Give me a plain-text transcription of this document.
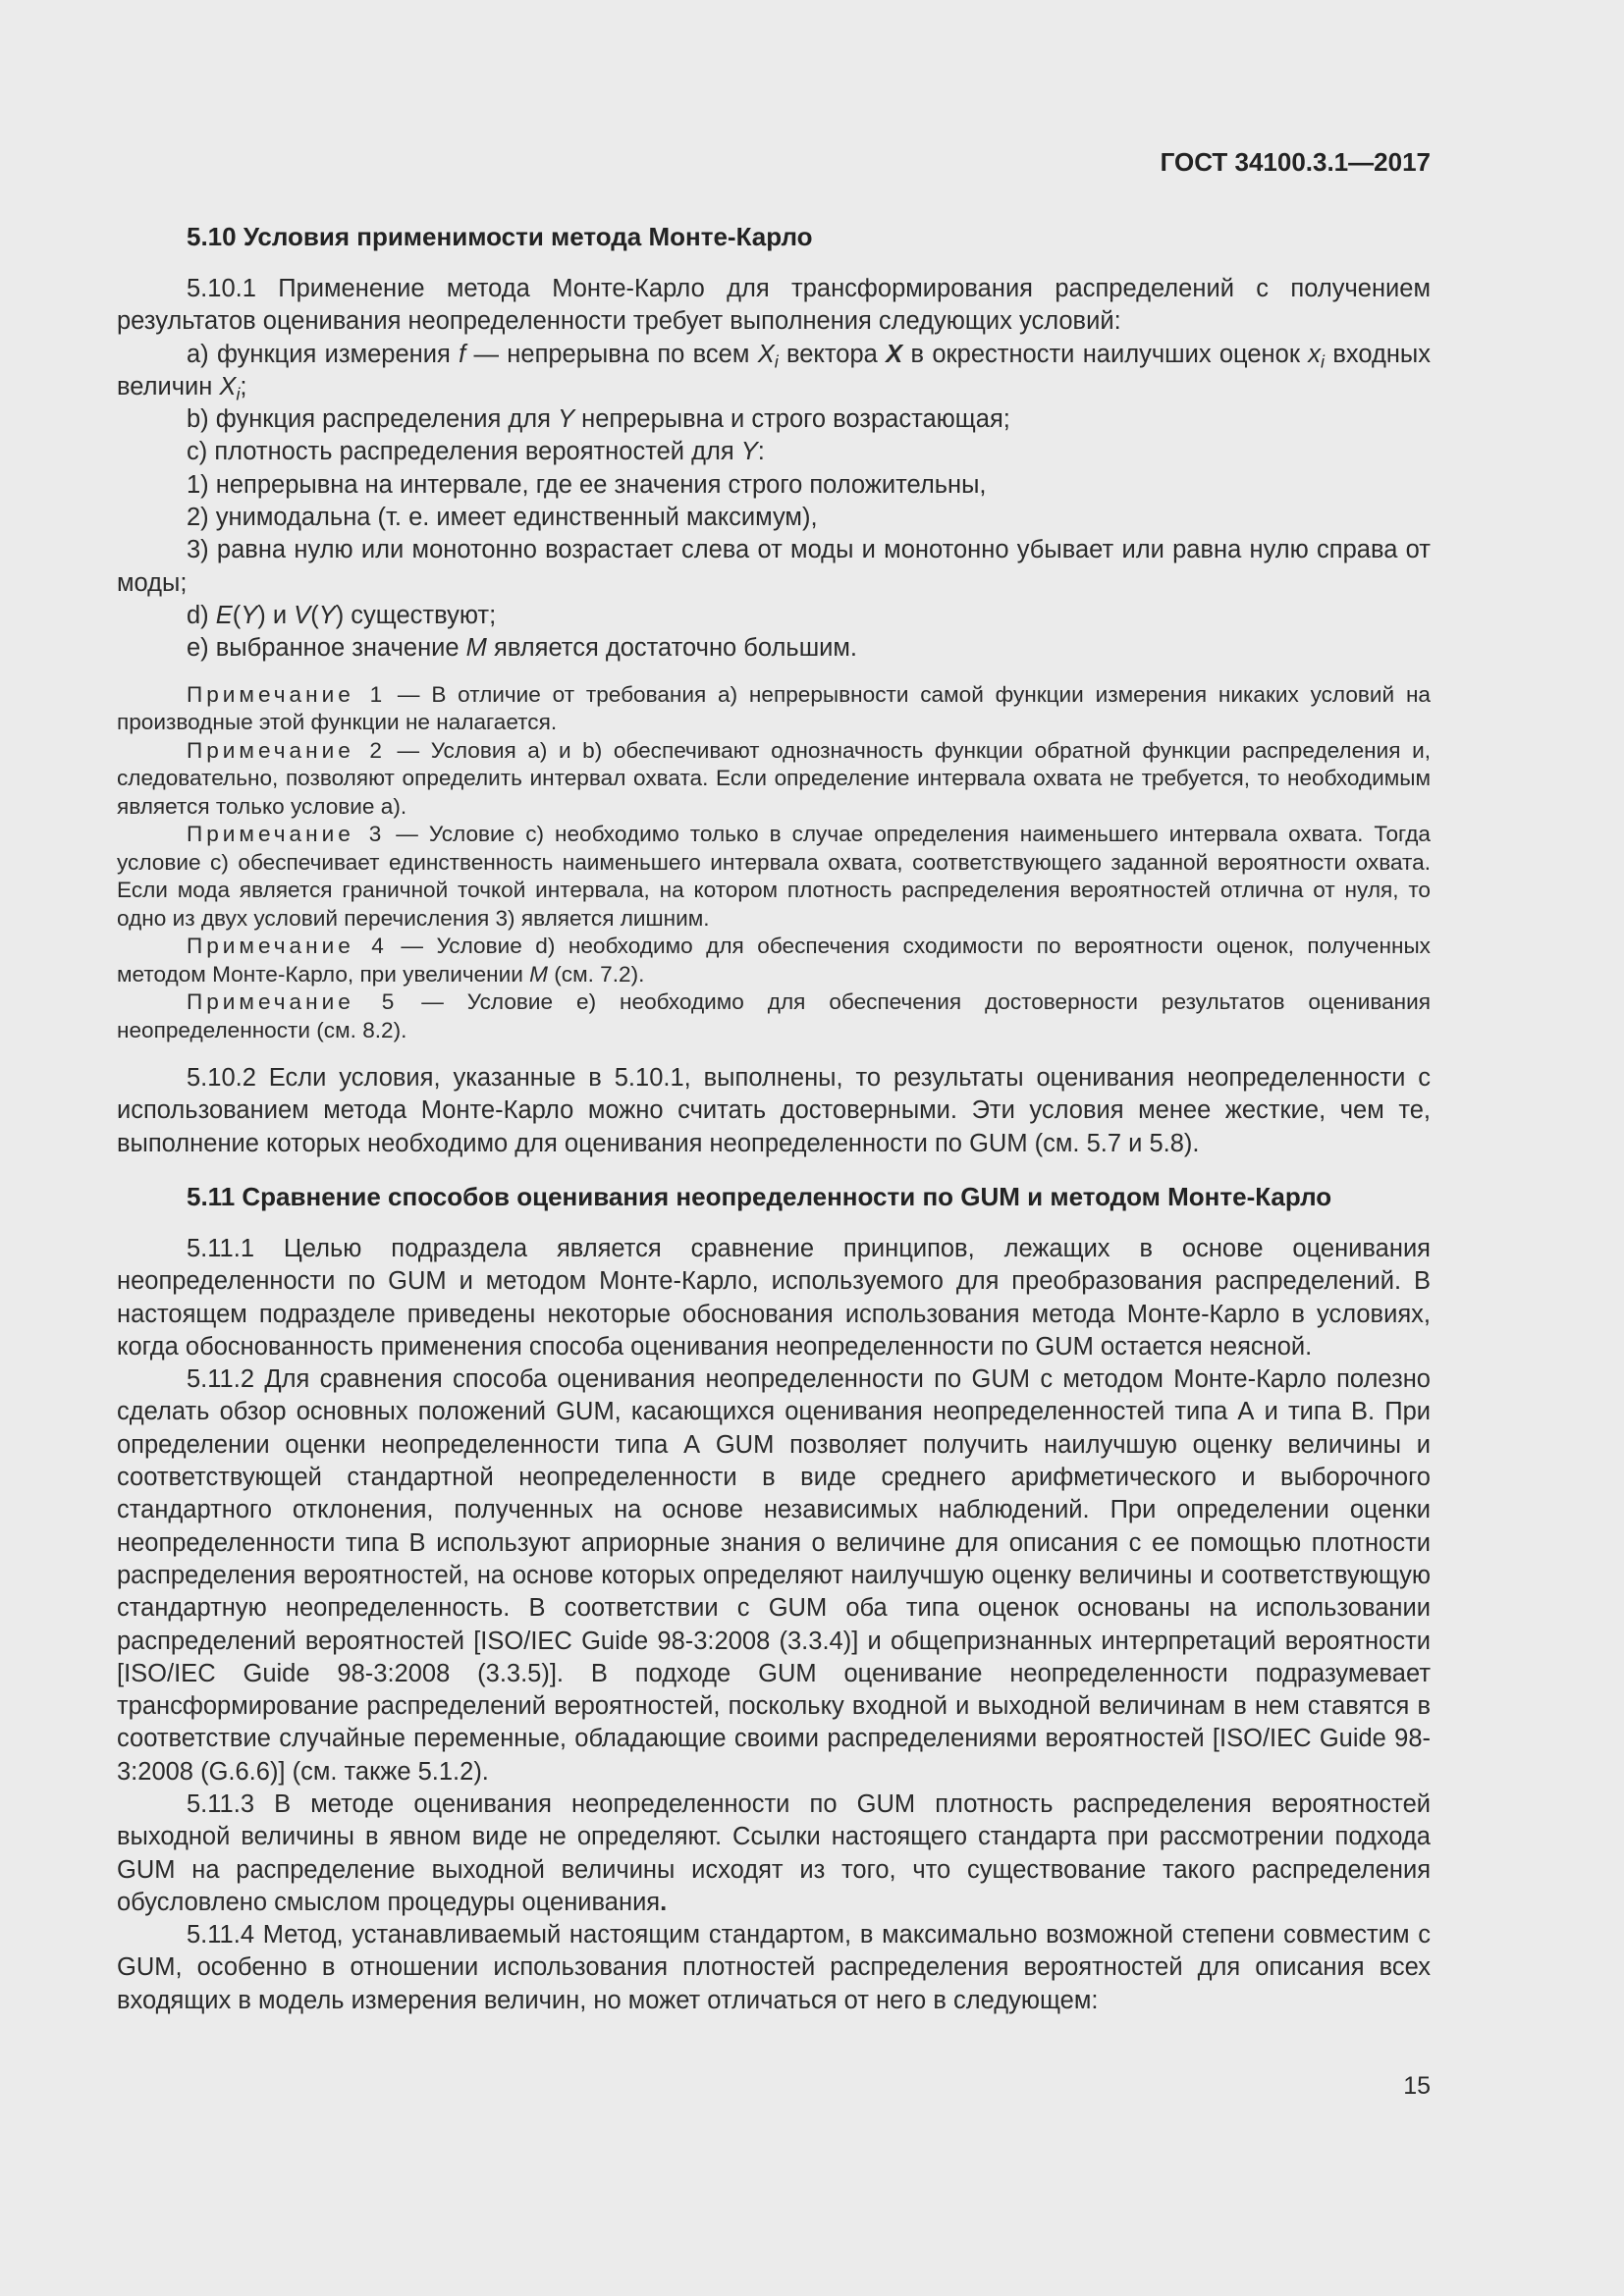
ГОСТ 34100.3.1—2017
5.10 Условия применимости метода Монте-Карло

5.10.1 Применение метода Монте-Карло для трансформирования распределений с получением результатов оценивания неопределенности требует выполнения следующих условий:

а) функция измерения f — непрерывна по всем $X_i$ вектора X в окрестности наилучших оценок $x_i$ входных величин $X_i$;

b) функция распределения для Y непрерывна и строго возрастающая;

с) плотность распределения вероятностей для Y:

1) непрерывна на интервале, где ее значения строго положительны,

2) унимодальна (т. е. имеет единственный максимум),

3) равна нулю или монотонно возрастает слева от моды и монотонно убывает или равна нулю справа от моды;

d) E(Y) и V(Y) существуют;

е) выбранное значение M является достаточно большим.

Примечание 1 — В отличие от требования а) непрерывности самой функции измерения никаких условий на производные этой функции не налагается.

Примечание 2 — Условия а) и b) обеспечивают однозначность функции обратной функции распределения и, следовательно, позволяют определить интервал охвата. Если определение интервала охвата не требуется, то необходимым является только условие а).

Примечание 3 — Условие с) необходимо только в случае определения наименьшего интервала охвата. Тогда условие с) обеспечивает единственность наименьшего интервала охвата, соответствующего заданной вероятности охвата. Если мода является граничной точкой интервала, на котором плотность распределения вероятностей отлична от нуля, то одно из двух условий перечисления 3) является лишним.

Примечание 4 — Условие d) необходимо для обеспечения сходимости по вероятности оценок, полученных методом Монте-Карло, при увеличении M (см. 7.2).

Примечание 5 — Условие е) необходимо для обеспечения достоверности результатов оценивания неопределенности (см. 8.2).

5.10.2 Если условия, указанные в 5.10.1, выполнены, то результаты оценивания неопределенности с использованием метода Монте-Карло можно считать достоверными. Эти условия менее жесткие, чем те, выполнение которых необходимо для оценивания неопределенности по GUM (см. 5.7 и 5.8).

5.11 Сравнение способов оценивания неопределенности по GUM и методом Монте-Карло

5.11.1 Целью подраздела является сравнение принципов, лежащих в основе оценивания неопределенности по GUM и методом Монте-Карло, используемого для преобразования распределений. В настоящем подразделе приведены некоторые обоснования использования метода Монте-Карло в условиях, когда обоснованность применения способа оценивания неопределенности по GUM остается неясной.

5.11.2 Для сравнения способа оценивания неопределенности по GUM с методом Монте-Карло полезно сделать обзор основных положений GUM, касающихся оценивания неопределенностей типа А и типа В. При определении оценки неопределенности типа А GUM позволяет получить наилучшую оценку величины и соответствующей стандартной неопределенности в виде среднего арифметического и выборочного стандартного отклонения, полученных на основе независимых наблюдений. При определении оценки неопределенности типа В используют априорные знания о величине для описания с ее помощью плотности распределения вероятностей, на основе которых определяют наилучшую оценку величины и соответствующую стандартную неопределенность. В соответствии с GUM оба типа оценок основаны на использовании распределений вероятностей [ISO/IEC Guide 98-3:2008 (3.3.4)] и общепризнанных интерпретаций вероятности [ISO/IEC Guide 98-3:2008 (3.3.5)]. В подходе GUM оценивание неопределенности подразумевает трансформирование распределений вероятностей, поскольку входной и выходной величинам в нем ставятся в соответствие случайные переменные, обладающие своими распределениями вероятностей [ISO/IEC Guide 98-3:2008 (G.6.6)] (см. также 5.1.2).

5.11.3 В методе оценивания неопределенности по GUM плотность распределения вероятностей выходной величины в явном виде не определяют. Ссылки настоящего стандарта при рассмотрении подхода GUM на распределение выходной величины исходят из того, что существование такого распределения обусловлено смыслом процедуры оценивания.

5.11.4 Метод, устанавливаемый настоящим стандартом, в максимально возможной степени совместим с GUM, особенно в отношении использования плотностей распределения вероятностей для описания всех входящих в модель измерения величин, но может отличаться от него в следующем:

15
